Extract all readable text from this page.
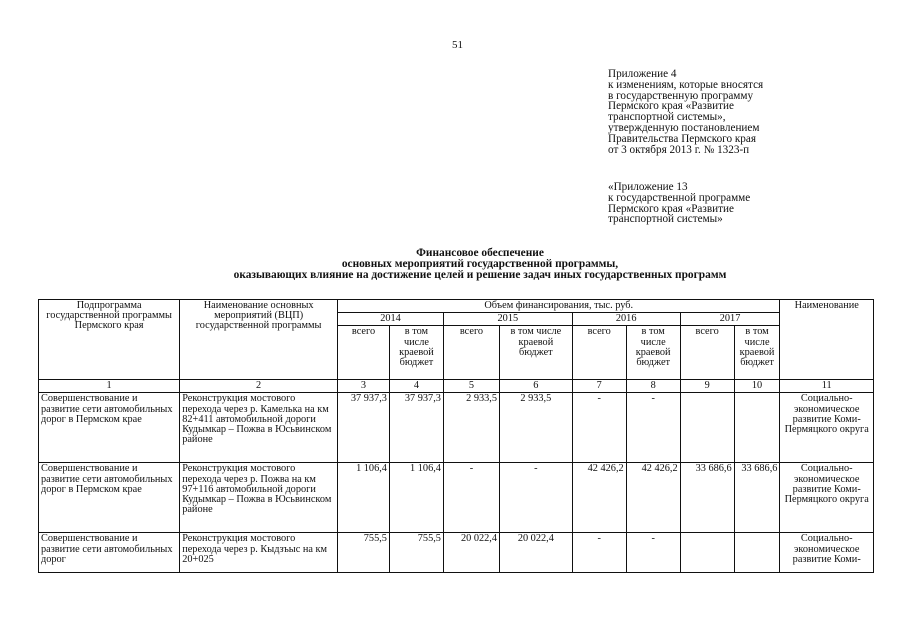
51
Приложение 4
к изменениям, которые вносятся
в государственную программу
Пермского края «Развитие
транспортной системы»,
утвержденную постановлением
Правительства Пермского края
от 3 октября 2013 г. № 1323-п
«Приложение 13
к государственной программе
Пермского края «Развитие
транспортной системы»
Финансовое обеспечение
основных мероприятий государственной программы,
оказывающих влияние на достижение целей и решение задач иных государственных программ
Подпрограмма государственной программы Пермского края	Наименование основных мероприятий (ВЦП) государственной программы	Объем финансирования, тыс. руб.								Наименование
		2014		2015		2016		2017		
		всего	в том числе краевой бюджет	всего	в том числе краевой бюджет	всего	в том числе краевой бюджет	всего	в том числе краевой бюджет	
1	2	3	4	5	6	7	8	9	10	11
Совершенствование и развитие сети автомобильных дорог в Пермском крае	Реконструкция мостового перехода через р. Камелька на км 82+411 автомобильной дороги Кудымкар – Пожва в Юсьвинском районе	37 937,3	37 937,3	2 933,5	2 933,5	-	-			Социально-экономическое развитие Коми-Пермяцкого округа
Совершенствование и развитие сети автомобильных дорог в Пермском крае	Реконструкция мостового перехода через р. Пожва на км 97+116 автомобильной дороги Кудымкар – Пожва в Юсьвинском районе	1 106,4	1 106,4	-	-	42 426,2	42 426,2	33 686,6	33 686,6	Социально-экономическое развитие Коми-Пермяцкого округа
Совершенствование и развитие сети автомобильных дорог	Реконструкция мостового перехода через р. Кыдзъыс на км 20+025	755,5	755,5	20 022,4	20 022,4	-	-			Социально-экономическое развитие Коми-
